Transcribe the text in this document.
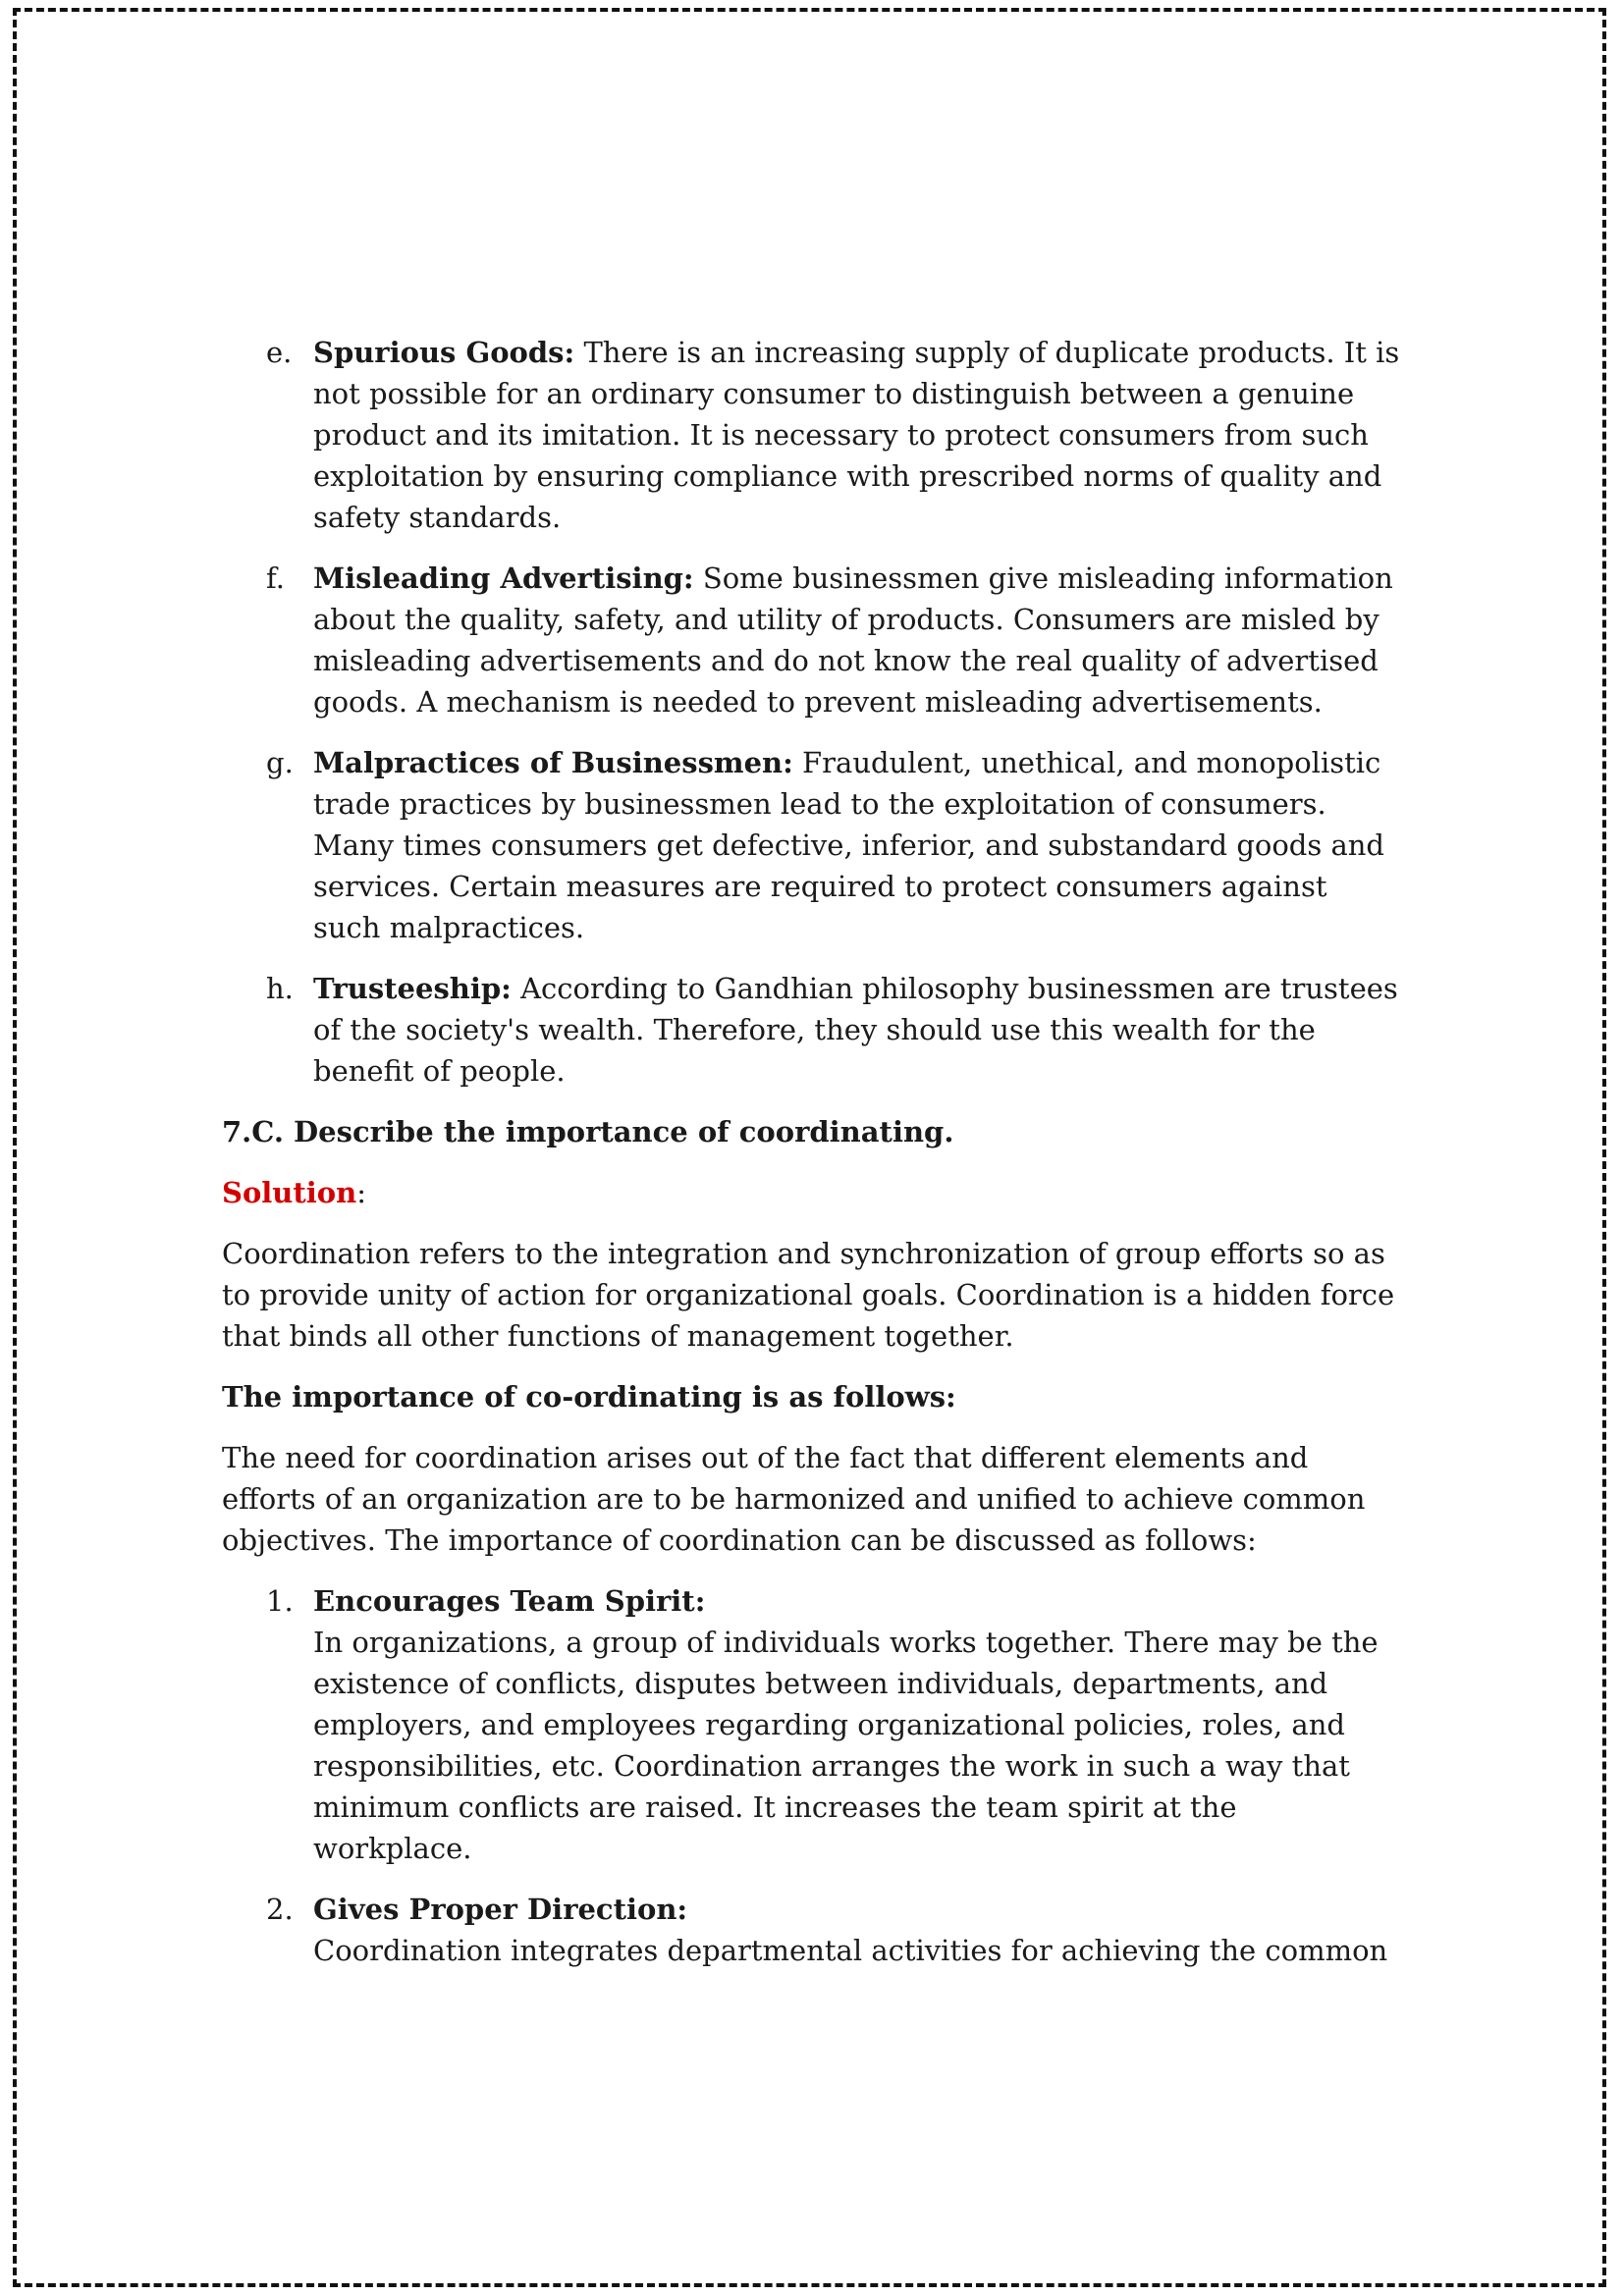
e. Spurious Goods: There is an increasing supply of duplicate products. It is not possible for an ordinary consumer to distinguish between a genuine product and its imitation. It is necessary to protect consumers from such exploitation by ensuring compliance with prescribed norms of quality and safety standards.
f.	Misleading Advertising: Some businessmen give misleading information about the quality, safety, and utility of products. Consumers are misled by misleading advertisements and do not know the real quality of advertised goods. A mechanism is needed to prevent misleading advertisements.
g. Malpractices of Businessmen: Fraudulent, unethical, and monopolistic trade practices by businessmen lead to the exploitation of consumers. Many times consumers get defective, inferior, and substandard goods and services. Certain measures are required to protect consumers against such malpractices.
h. Trusteeship: According to Gandhian philosophy businessmen are trustees of the society's wealth. Therefore, they should use this wealth for the benefit of people.
7.C. Describe the importance of coordinating.
Solution:
Coordination refers to the integration and synchronization of group efforts so as to provide unity of action for organizational goals. Coordination is a hidden force that binds all other functions of management together.
The importance of co-ordinating is as follows:
The need for coordination arises out of the fact that different elements and efforts of an organization are to be harmonized and unified to achieve common objectives. The importance of coordination can be discussed as follows:
1. Encourages Team Spirit:
In organizations, a group of individuals works together. There may be the existence of conflicts, disputes between individuals, departments, and employers, and employees regarding organizational policies, roles, and responsibilities, etc. Coordination arranges the work in such a way that minimum conflicts are raised. It increases the team spirit at the workplace.
2. Gives Proper Direction:
Coordination integrates departmental activities for achieving the common
